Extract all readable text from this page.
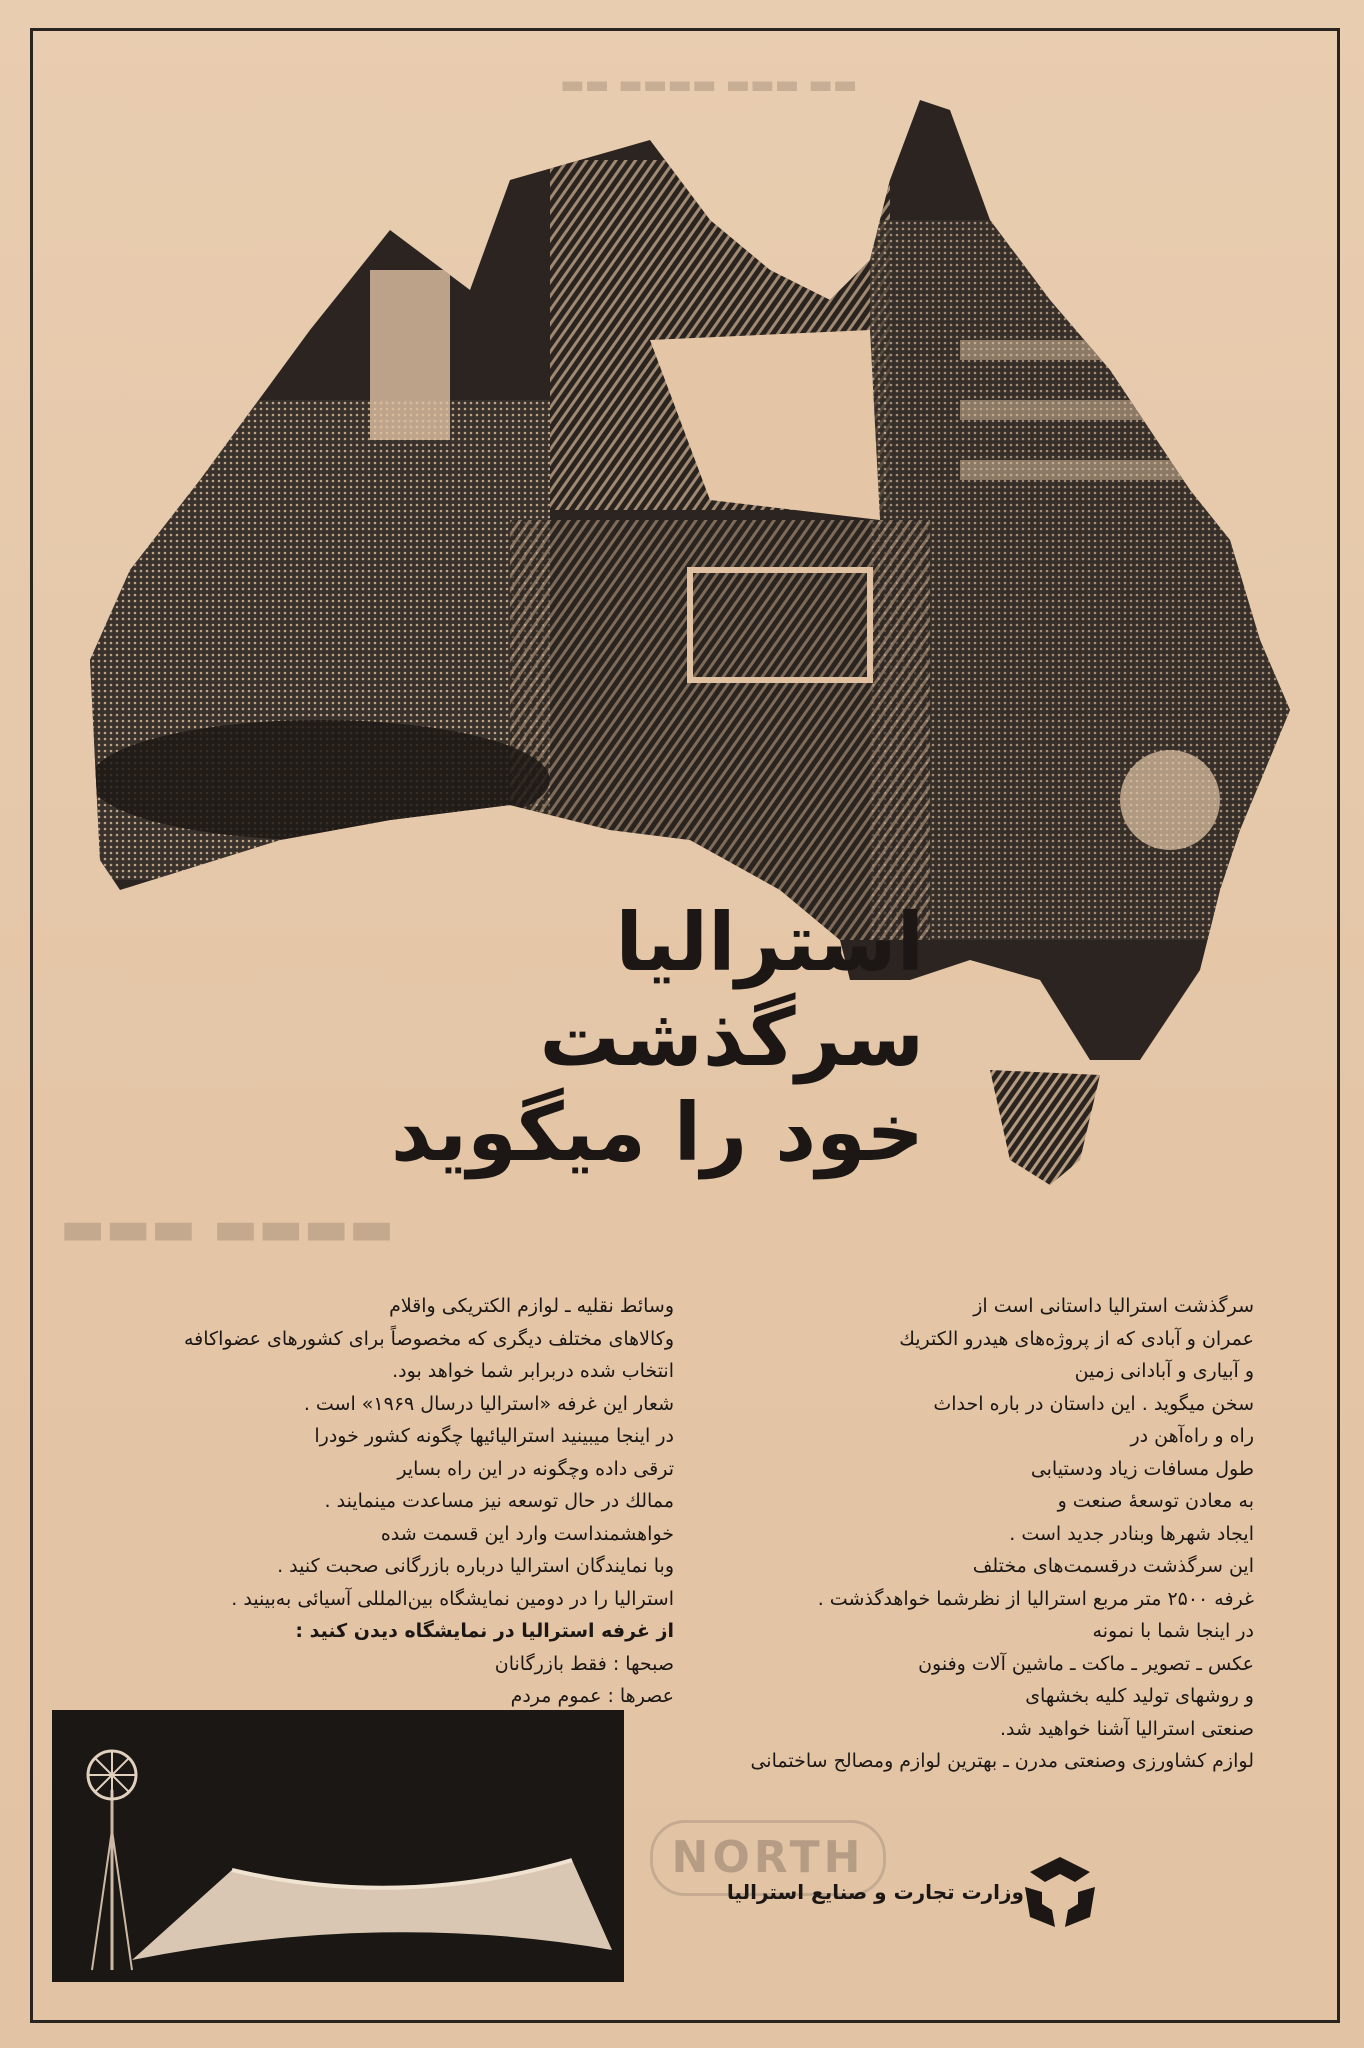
▬▬ ▬▬▬▬ ▬▬▬ ▬▬
▬▬▬ ▬▬▬▬
استرالیا
سرگذشت
خود را میگوید

سرگذشت استرالیا داستانی است از

عمران و آبادی که از پروژه‌های هیدرو الکتریك

و آبیاری و آبادانی زمین

سخن میگوید . این داستان در باره احداث

راه و راه‌آهن در

طول مسافات زیاد ودستیابی

به معادن توسعهٔ صنعت و

ایجاد شهرها وبنادر جدید است .

این سرگذشت درقسمت‌های مختلف

غرفه ۲۵۰۰ متر مربع استرالیا از نظرشما خواهدگذشت .

در اینجا شما با نمونه

عکس ـ تصویر ـ ماکت ـ ماشین آلات وفنون

و روشهای تولید کلیه بخشهای

صنعتی استرالیا آشنا خواهید شد.

لوازم کشاورزی وصنعتی مدرن ـ بهترین لوازم ومصالح ساختمانی

وسائط نقلیه ـ لوازم الکتریکی واقلام

وکالاهای مختلف دیگری که مخصوصاً برای کشورهای عضواکافه

انتخاب شده دربرابر شما خواهد بود.

شعار این غرفه «استرالیا درسال ۱۹۶۹» است .

در اینجا میبینید استرالیائیها چگونه کشور خودرا

ترقی داده وچگونه در این راه بسایر

ممالك در حال توسعه نیز مساعدت مینمایند .

خواهشمنداست وارد این قسمت شده

وبا نمایندگان استرالیا درباره بازرگانی صحبت کنید .

استرالیا را در دومین نمایشگاه بین‌المللی آسیائی به‌بینید .

از غرفه استرالیا در نمایشگاه دیدن کنید :

صبحها : فقط بازرگانان

عصرها : عموم مردم

NORTH
وزارت تجارت و صنایع استرالیا
